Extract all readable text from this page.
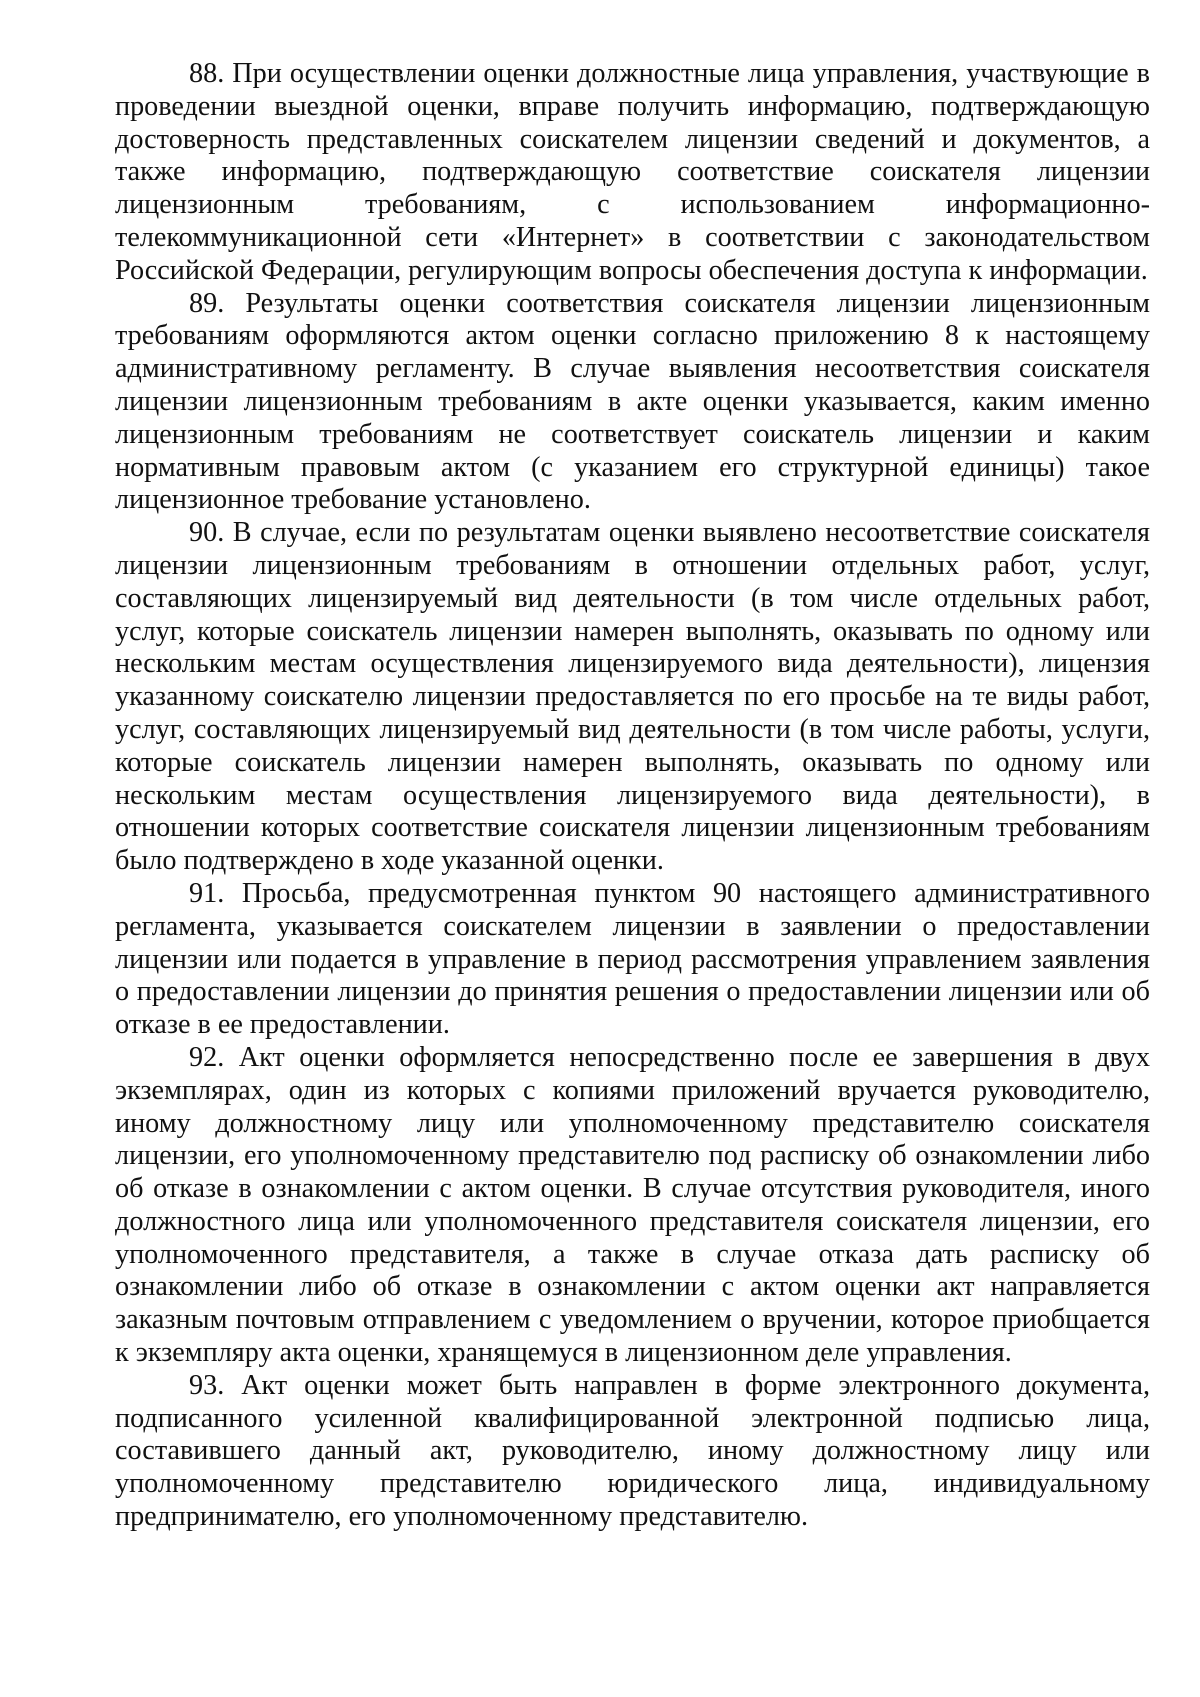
88. При осуществлении оценки должностные лица управления, участвующие в проведении выездной оценки, вправе получить информацию, подтверждающую достоверность представленных соискателем лицензии сведений и документов, а также информацию, подтверждающую соответствие соискателя лицензии лицензионным требованиям, с использованием информационно-телекоммуникационной сети «Интернет» в соответствии с законодательством Российской Федерации, регулирующим вопросы обеспечения доступа к информации.

89. Результаты оценки соответствия соискателя лицензии лицензионным требованиям оформляются актом оценки согласно приложению 8 к настоящему административному регламенту. В случае выявления несоответствия соискателя лицензии лицензионным требованиям в акте оценки указывается, каким именно лицензионным требованиям не соответствует соискатель лицензии и каким нормативным правовым актом (с указанием его структурной единицы) такое лицензионное требование установлено.

90. В случае, если по результатам оценки выявлено несоответствие соискателя лицензии лицензионным требованиям в отношении отдельных работ, услуг, составляющих лицензируемый вид деятельности (в том числе отдельных работ, услуг, которые соискатель лицензии намерен выполнять, оказывать по одному или нескольким местам осуществления лицензируемого вида деятельности), лицензия указанному соискателю лицензии предоставляется по его просьбе на те виды работ, услуг, составляющих лицензируемый вид деятельности (в том числе работы, услуги, которые соискатель лицензии намерен выполнять, оказывать по одному или нескольким местам осуществления лицензируемого вида деятельности), в отношении которых соответствие соискателя лицензии лицензионным требованиям было подтверждено в ходе указанной оценки.

91. Просьба, предусмотренная пунктом 90 настоящего административного регламента, указывается соискателем лицензии в заявлении о предоставлении лицензии или подается в управление в период рассмотрения управлением заявления о предоставлении лицензии до принятия решения о предоставлении лицензии или об отказе в ее предоставлении.

92. Акт оценки оформляется непосредственно после ее завершения в двух экземплярах, один из которых с копиями приложений вручается руководителю, иному должностному лицу или уполномоченному представителю соискателя лицензии, его уполномоченному представителю под расписку об ознакомлении либо об отказе в ознакомлении с актом оценки. В случае отсутствия руководителя, иного должностного лица или уполномоченного представителя соискателя лицензии, его уполномоченного представителя, а также в случае отказа дать расписку об ознакомлении либо об отказе в ознакомлении с актом оценки акт направляется заказным почтовым отправлением с уведомлением о вручении, которое приобщается к экземпляру акта оценки, хранящемуся в лицензионном деле управления.

93. Акт оценки может быть направлен в форме электронного документа, подписанного усиленной квалифицированной электронной подписью лица, составившего данный акт, руководителю, иному должностному лицу или уполномоченному представителю юридического лица, индивидуальному предпринимателю, его уполномоченному представителю.
